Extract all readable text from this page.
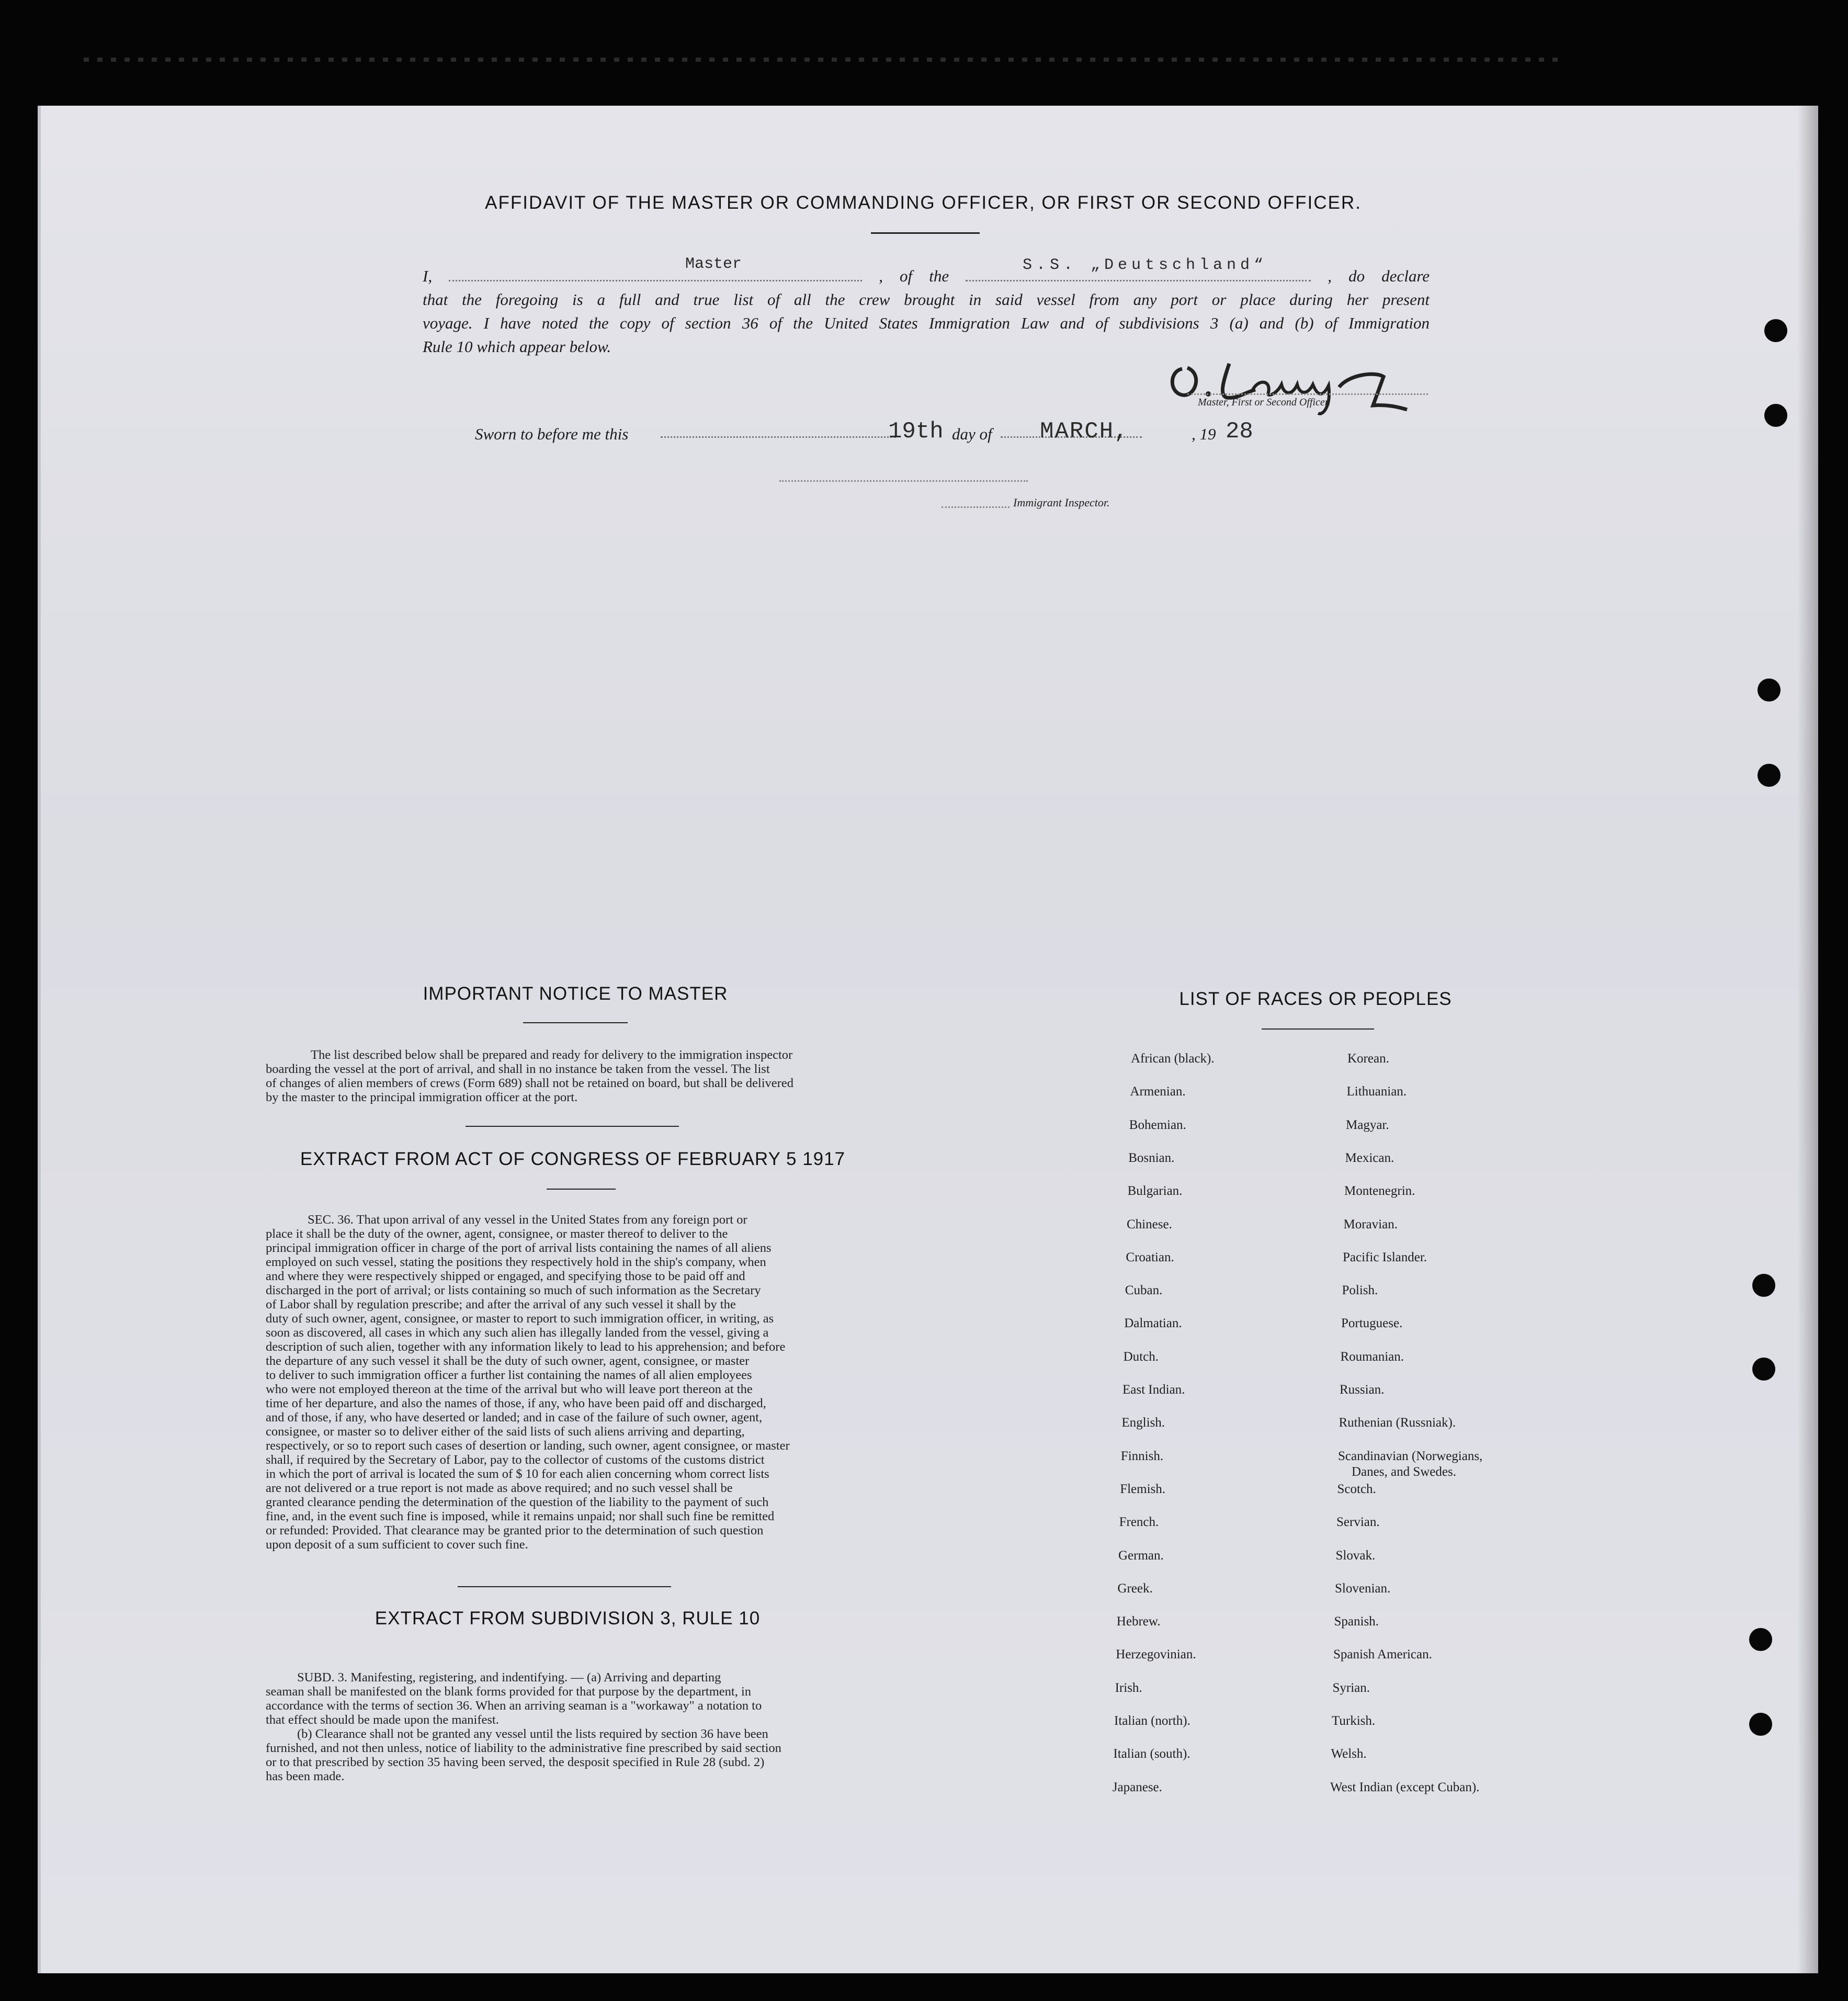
AFFIDAVIT OF THE MASTER OR COMMANDING OFFICER, OR FIRST OR SECOND OFFICER.
I,	, of the	, do declare
Master	S.S. „Deutschland“
that the foregoing is a full and true list of all the crew brought in said vessel from any port or place during her present
voyage. I have noted the copy of section 36 of the United States Immigration Law and of subdivisions 3 (a) and (b) of Immigration
Rule 10 which appear below.
Master, First or Second Officer.
Sworn to before me this	19th day of MARCH,	, 19 28
Immigrant Inspector.
IMPORTANT NOTICE TO MASTER
The list described below shall be prepared and ready for delivery to the immigration inspector
boarding the vessel at the port of arrival, and shall in no instance be taken from the vessel. The list
of changes of alien members of crews (Form 689) shall not be retained on board, but shall be delivered
by the master to the principal immigration officer at the port.
EXTRACT FROM ACT OF CONGRESS OF FEBRUARY 5 1917
SEC. 36. That upon arrival of any vessel in the United States from any foreign port or
place it shall be the duty of the owner, agent, consignee, or master thereof to deliver to the
principal immigration officer in charge of the port of arrival lists containing the names of all aliens
employed on such vessel, stating the positions they respectively hold in the ship's company, when
and where they were respectively shipped or engaged, and specifying those to be paid off and
discharged in the port of arrival; or lists containing so much of such information as the Secretary
of Labor shall by regulation prescribe; and after the arrival of any such vessel it shall by the
duty of such owner, agent, consignee, or master to report to such immigration officer, in writing, as
soon as discovered, all cases in which any such alien has illegally landed from the vessel, giving a
description of such alien, together with any information likely to lead to his apprehension; and before
the departure of any such vessel it shall be the duty of such owner, agent, consignee, or master
to deliver to such immigration officer a further list containing the names of all alien employees
who were not employed thereon at the time of the arrival but who will leave port thereon at the
time of her departure, and also the names of those, if any, who have been paid off and discharged,
and of those, if any, who have deserted or landed; and in case of the failure of such owner, agent,
consignee, or master so to deliver either of the said lists of such aliens arriving and departing,
respectively, or so to report such cases of desertion or landing, such owner, agent consignee, or master
shall, if required by the Secretary of Labor, pay to the collector of customs of the customs district
in which the port of arrival is located the sum of $ 10 for each alien concerning whom correct lists
are not delivered or a true report is not made as above required; and no such vessel shall be
granted clearance pending the determination of the question of the liability to the payment of such
fine, and, in the event such fine is imposed, while it remains unpaid; nor shall such fine be remitted
or refunded: Provided. That clearance may be granted prior to the determination of such question
upon deposit of a sum sufficient to cover such fine.
EXTRACT FROM SUBDIVISION 3, RULE 10
SUBD. 3. Manifesting, registering, and indentifying. — (a) Arriving and departing
seaman shall be manifested on the blank forms provided for that purpose by the department, in
accordance with the terms of section 36. When an arriving seaman is a "workaway" a notation to
that effect should be made upon the manifest.
(b) Clearance shall not be granted any vessel until the lists required by section 36 have been
furnished, and not then unless, notice of liability to the administrative fine prescribed by said section
or to that prescribed by section 35 having been served, the desposit specified in Rule 28 (subd. 2)
has been made.
LIST OF RACES OR PEOPLES
African (black).
Armenian.
Bohemian.
Bosnian.
Bulgarian.
Chinese.
Croatian.
Cuban.
Dalmatian.
Dutch.
East Indian.
English.
Finnish.
Flemish.
French.
German.
Greek.
Hebrew.
Herzegovinian.
Irish.
Italian (north).
Italian (south).
Japanese.
Korean.
Lithuanian.
Magyar.
Mexican.
Montenegrin.
Moravian.
Pacific Islander.
Polish.
Portuguese.
Roumanian.
Russian.
Ruthenian (Russniak).
Scandinavian (Norwegians,
Scotch.
Servian.
Slovak.
Slovenian.
Spanish.
Spanish American.
Syrian.
Turkish.
Welsh.
West Indian (except Cuban).
Danes, and Swedes.
